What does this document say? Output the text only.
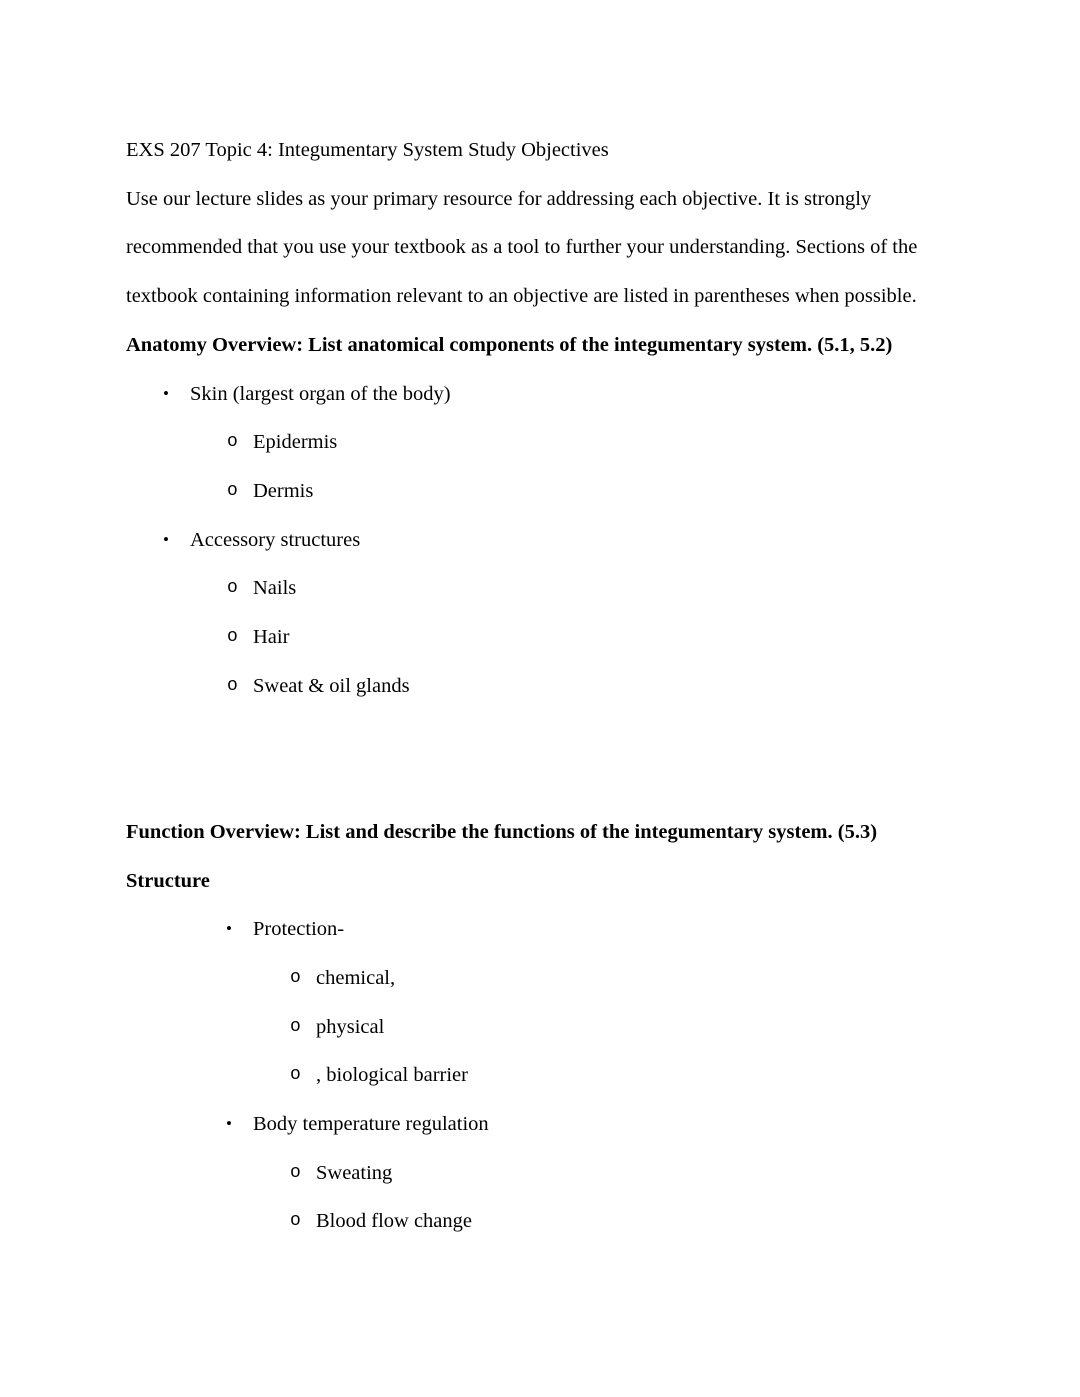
EXS 207 Topic 4: Integumentary System Study Objectives

Use our lecture slides as your primary resource for addressing each objective. It is strongly recommended that you use your textbook as a tool to further your understanding. Sections of the textbook containing information relevant to an objective are listed in parentheses when possible.

Anatomy Overview: List anatomical components of the integumentary system. (5.1, 5.2)

•
Skin (largest organ of the body)
o
Epidermis
o
Dermis
•
Accessory structures
o
Nails
o
Hair
o
Sweat & oil glands

Function Overview: List and describe the functions of the integumentary system. (5.3)

Structure

•
Protection-
o
chemical,
o
physical
o
, biological barrier
•
Body temperature regulation
o
Sweating
o
Blood flow change
